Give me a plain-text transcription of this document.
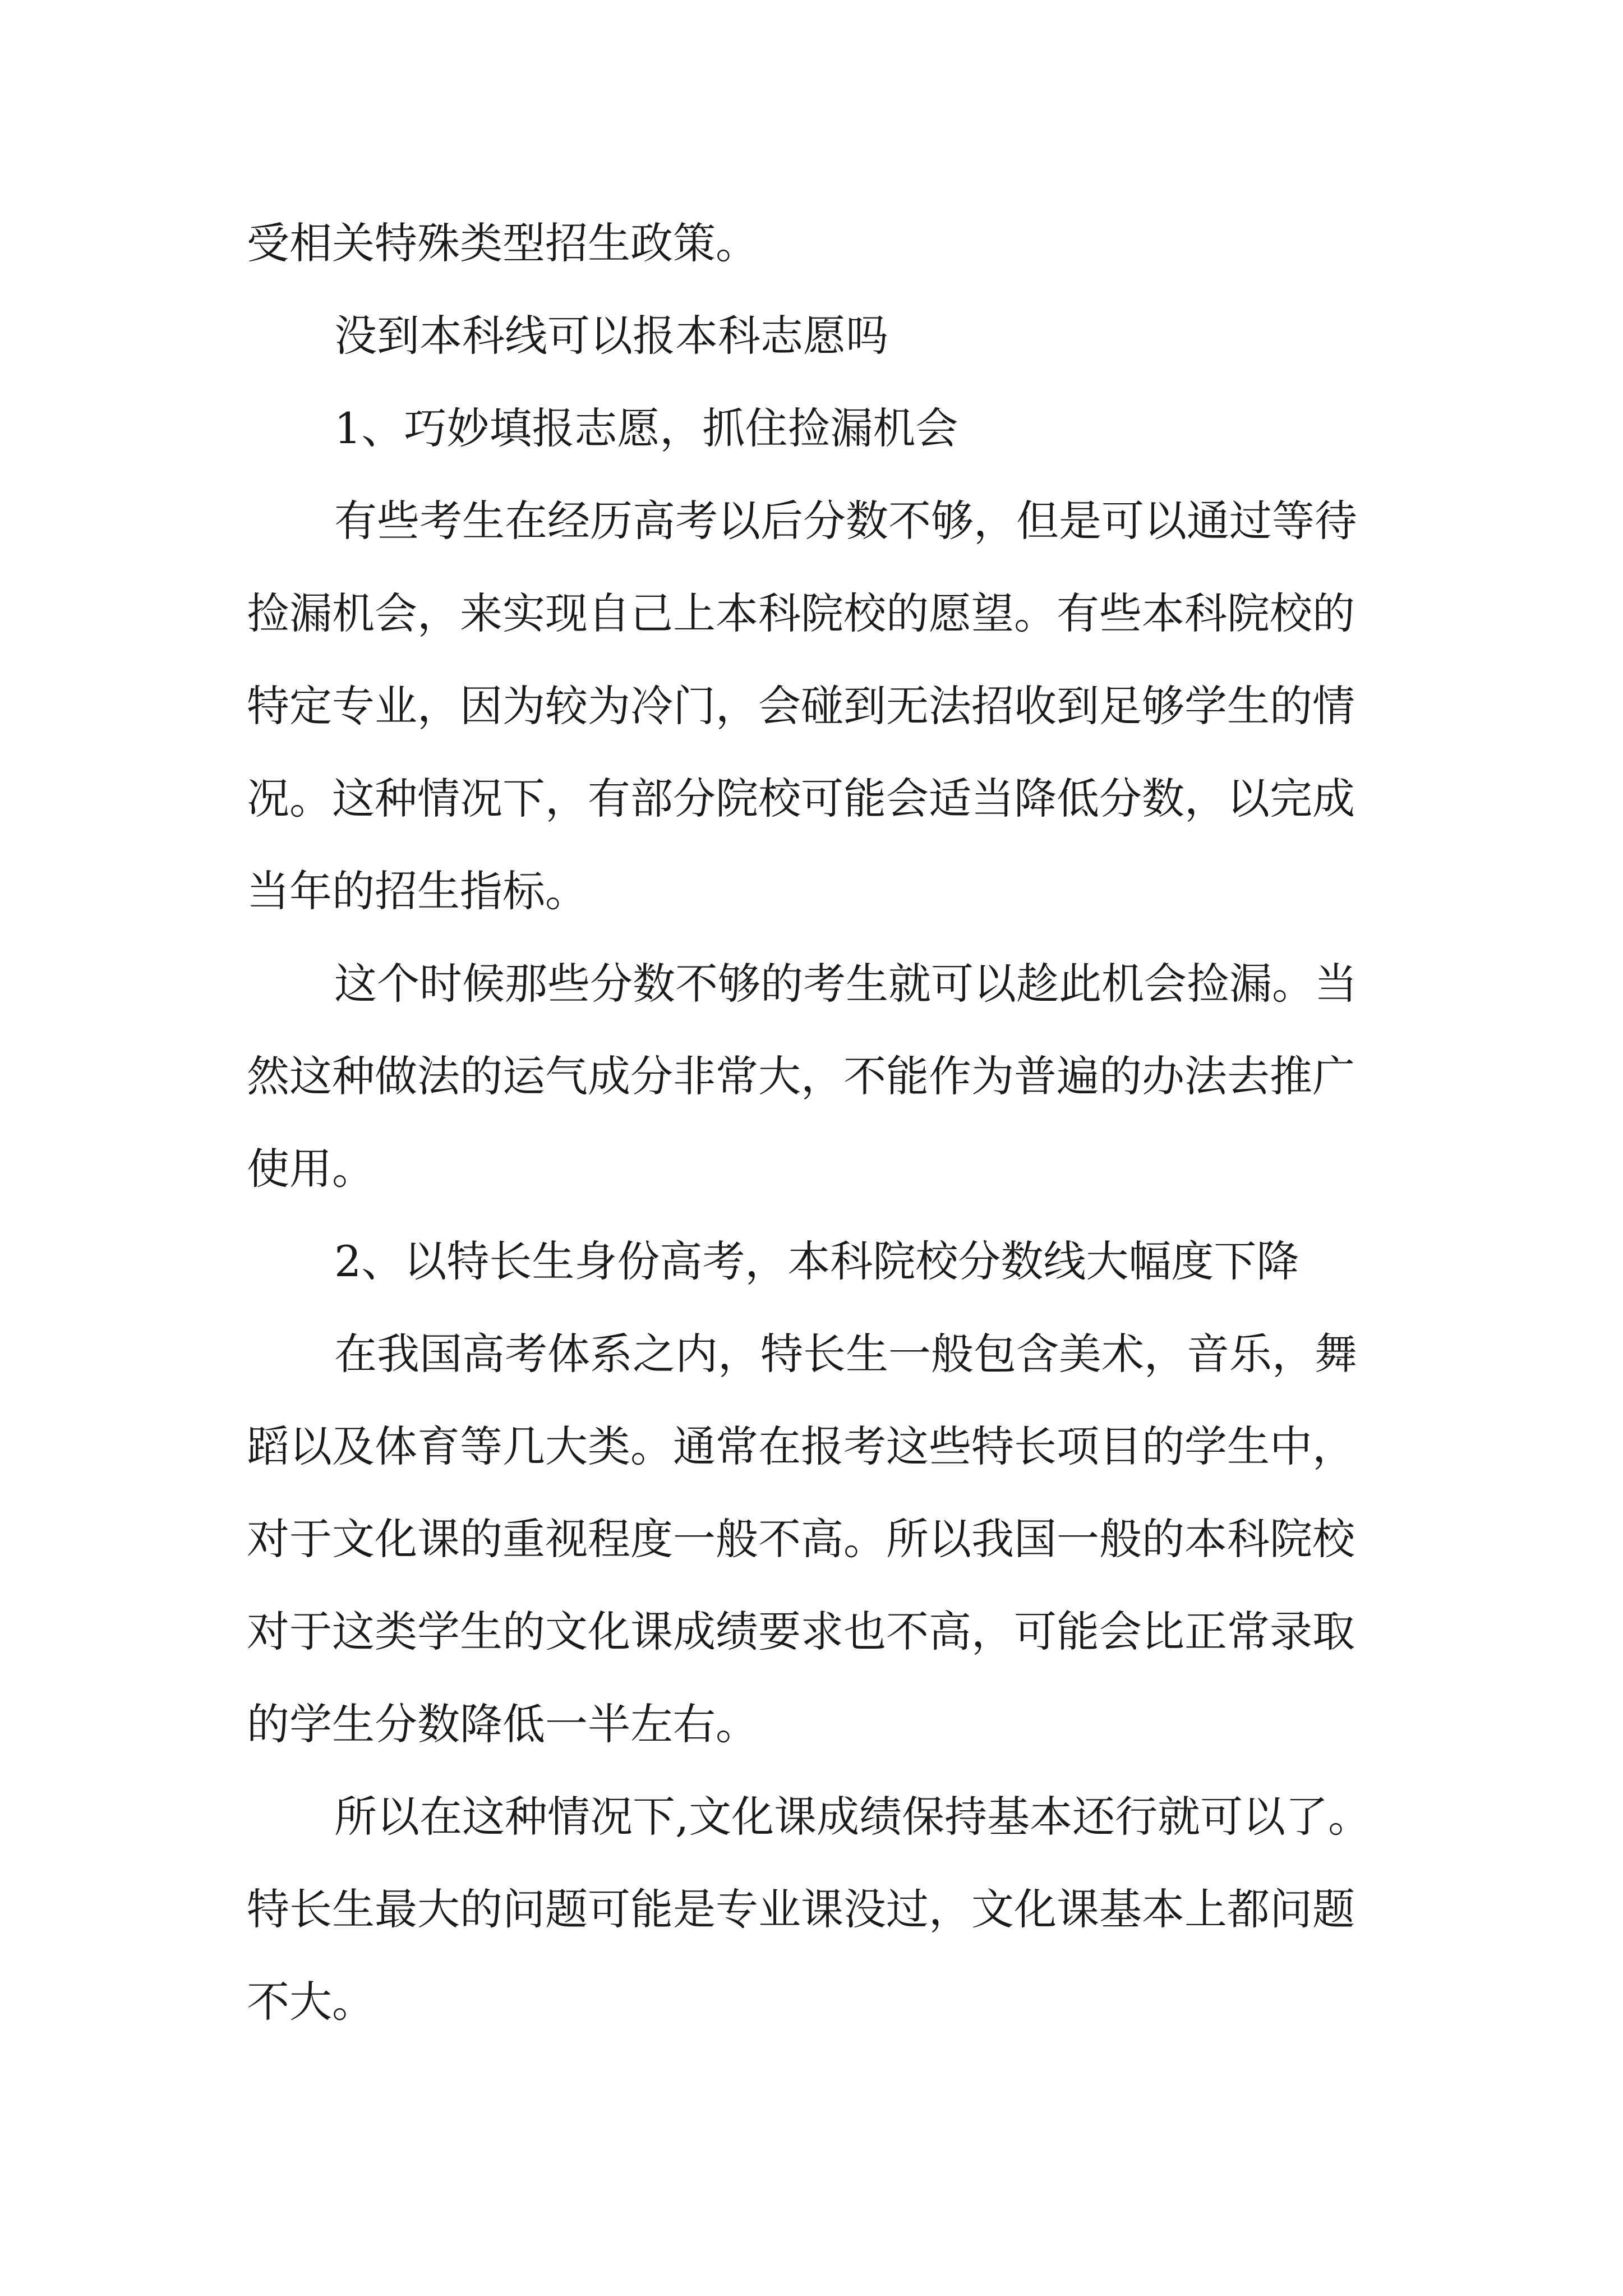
受相关特殊类型招生政策。
没到本科线可以报本科志愿吗
1、巧妙填报志愿，抓住捡漏机会
有些考生在经历高考以后分数不够，但是可以通过等待
捡漏机会，来实现自己上本科院校的愿望。有些本科院校的
特定专业，因为较为冷门，会碰到无法招收到足够学生的情
况。这种情况下，有部分院校可能会适当降低分数，以完成
当年的招生指标。
这个时候那些分数不够的考生就可以趁此机会捡漏。当
然这种做法的运气成分非常大，不能作为普遍的办法去推广
使用。
2、以特长生身份高考，本科院校分数线大幅度下降
在我国高考体系之内，特长生一般包含美术，音乐，舞
蹈以及体育等几大类。通常在报考这些特长项目的学生中，
对于文化课的重视程度一般不高。所以我国一般的本科院校
对于这类学生的文化课成绩要求也不高，可能会比正常录取
的学生分数降低一半左右。
所以在这种情况下,文化课成绩保持基本还行就可以了。
特长生最大的问题可能是专业课没过，文化课基本上都问题
不大。
